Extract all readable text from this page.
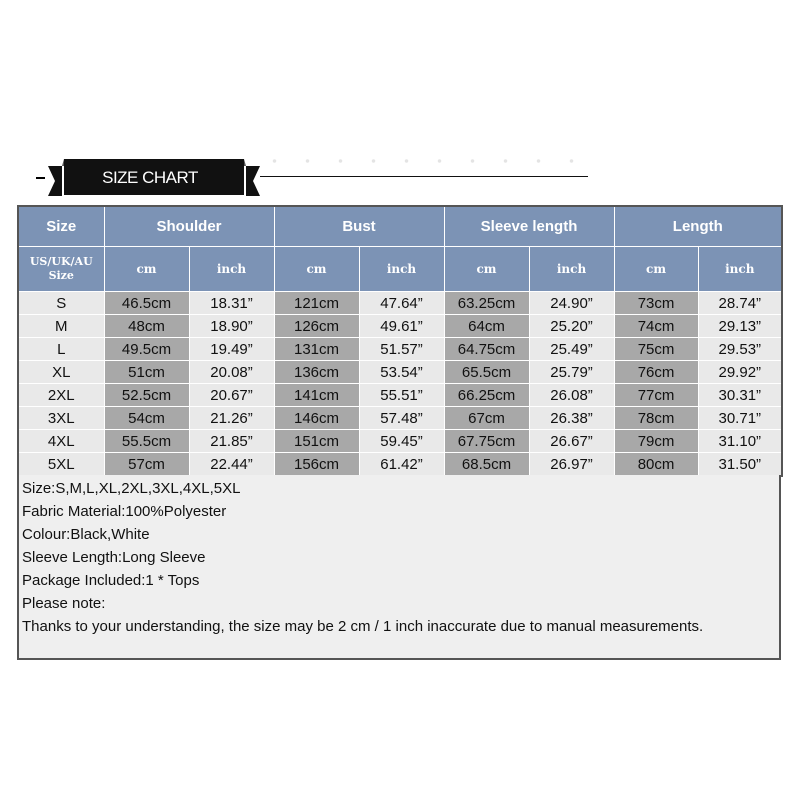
SIZE CHART
Size	Shoulder		Bust		Sleeve length		Length	
US/UK/AU
Size	cm	inch	cm	inch	cm	inch	cm	inch
S	46.5cm	18.31”	121cm	47.64”	63.25cm	24.90”	73cm	28.74”
M	48cm	18.90”	126cm	49.61”	64cm	25.20”	74cm	29.13”
L	49.5cm	19.49”	131cm	51.57”	64.75cm	25.49”	75cm	29.53”
XL	51cm	20.08”	136cm	53.54”	65.5cm	25.79”	76cm	29.92”
2XL	52.5cm	20.67”	141cm	55.51”	66.25cm	26.08”	77cm	30.31”
3XL	54cm	21.26”	146cm	57.48”	67cm	26.38”	78cm	30.71”
4XL	55.5cm	21.85”	151cm	59.45”	67.75cm	26.67”	79cm	31.10”
5XL	57cm	22.44”	156cm	61.42”	68.5cm	26.97”	80cm	31.50”

Size:S,M,L,XL,2XL,3XL,4XL,5XL

Fabric Material:100%Polyester

Colour:Black,White

Sleeve Length:Long Sleeve

Package Included:1 * Tops

Please note:

Thanks to your understanding, the size may be 2 cm / 1 inch inaccurate due to manual measurements.
